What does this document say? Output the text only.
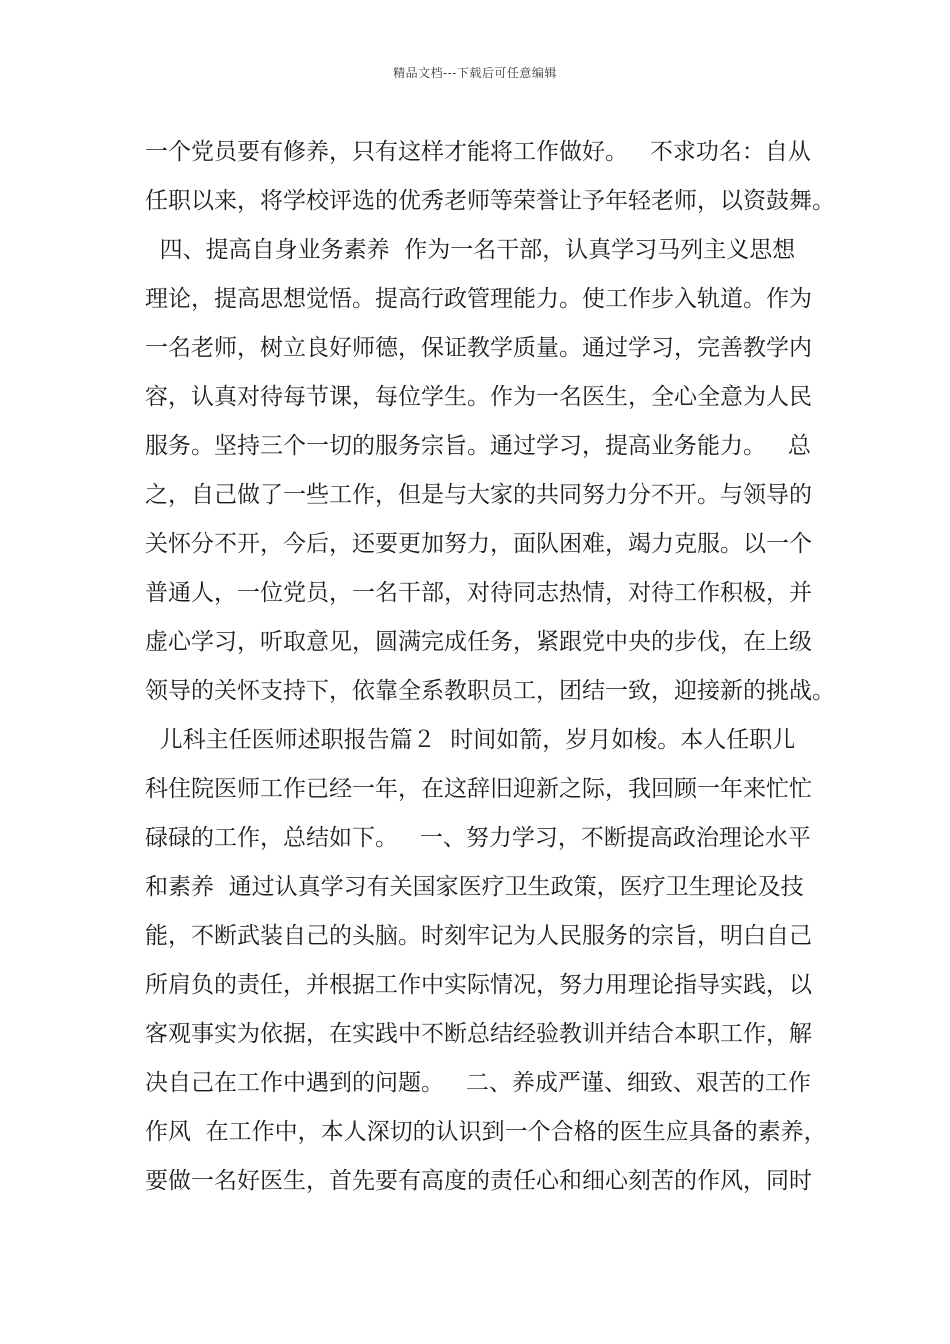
精品文档---下载后可任意编辑
一个党员要有修养，只有这样才能将工作做好。   不求功名：自从
任职以来，将学校评选的优秀老师等荣誉让予年轻老师，以资鼓舞。
四、提高自身业务素养  作为一名干部，认真学习马列主义思想
理论，提高思想觉悟。提高行政管理能力。使工作步入轨道。作为
一名老师，树立良好师德，保证教学质量。通过学习，完善教学内
容，认真对待每节课，每位学生。作为一名医生，全心全意为人民
服务。坚持三个一切的服务宗旨。通过学习，提高业务能力。   总
之，自己做了一些工作，但是与大家的共同努力分不开。与领导的
关怀分不开，今后，还要更加努力，面队困难，竭力克服。以一个
普通人，一位党员，一名干部，对待同志热情，对待工作积极，并
虚心学习，听取意见，圆满完成任务，紧跟党中央的步伐，在上级
领导的关怀支持下，依靠全系教职员工，团结一致，迎接新的挑战。
儿科主任医师述职报告篇２  时间如箭，岁月如梭。本人任职儿
科住院医师工作已经一年，在这辞旧迎新之际，我回顾一年来忙忙
碌碌的工作，总结如下。   一、努力学习，不断提高政治理论水平
和素养  通过认真学习有关国家医疗卫生政策，医疗卫生理论及技
能，不断武装自己的头脑。时刻牢记为人民服务的宗旨，明白自己
所肩负的责任，并根据工作中实际情况，努力用理论指导实践，以
客观事实为依据，在实践中不断总结经验教训并结合本职工作，解
决自己在工作中遇到的问题。   二、养成严谨、细致、艰苦的工作
作风  在工作中，本人深切的认识到一个合格的医生应具备的素养，
要做一名好医生，首先要有高度的责任心和细心刻苦的作风，同时
